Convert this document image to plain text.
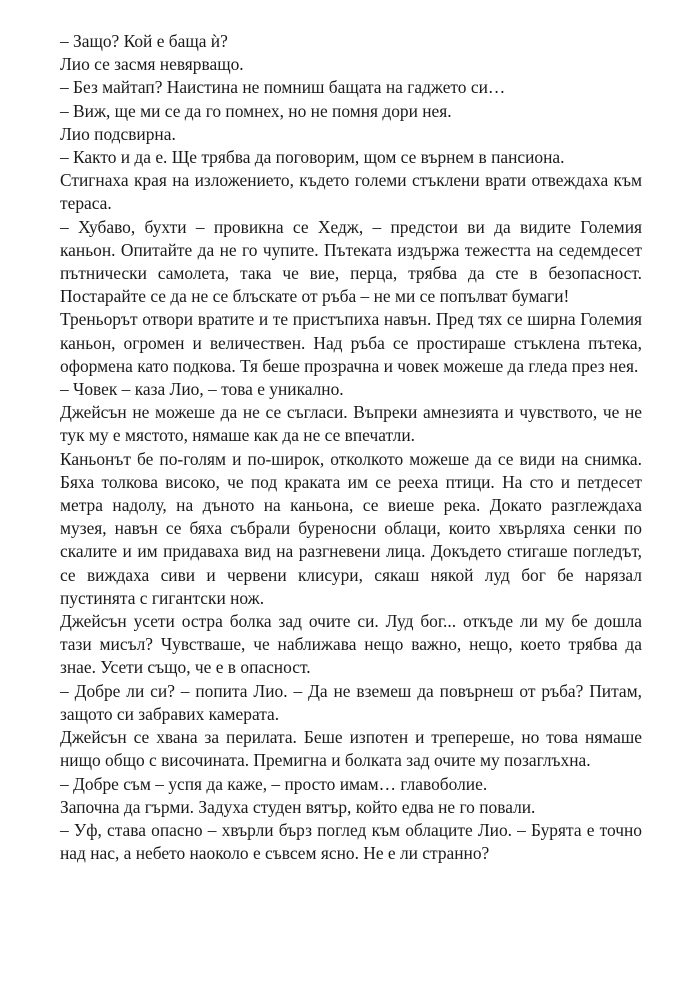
– Защо? Кой е баща ѝ?

Лио се засмя невярващо.

– Без майтап? Наистина не помниш бащата на гаджето си…

– Виж, ще ми се да го помнех, но не помня дори нея.

Лио подсвирна.

– Както и да е. Ще трябва да поговорим, щом се върнем в пансиона.

Стигнаха края на изложението, където големи стъклени врати отвеждаха към тераса.

– Хубаво, бухти – провикна се Хедж, – предстои ви да видите Големия каньон. Опитайте да не го чупите. Пътеката издържа тежестта на седемдесет пътнически самолета, така че вие, перца, трябва да сте в безопасност. Постарайте се да не се блъскате от ръба – не ми се попълват бумаги!

Треньорът отвори вратите и те пристъпиха навън. Пред тях се ширна Големия каньон, огромен и величествен. Над ръба се простираше стъклена пътека, оформена като подкова. Тя беше прозрачна и човек можеше да гледа през нея.

– Човек – каза Лио, – това е уникално.

Джейсън не можеше да не се съгласи. Въпреки амнезията и чувството, че не тук му е мястото, нямаше как да не се впечатли.

Каньонът бе по-голям и по-широк, отколкото можеше да се види на снимка. Бяха толкова високо, че под краката им се рееха птици. На сто и петдесет метра надолу, на дъното на каньона, се виеше река. Докато разглеждаха музея, навън се бяха събрали буреносни облаци, които хвърляха сенки по скалите и им придаваха вид на разгневени лица. Докъдето стигаше погледът, се виждаха сиви и червени клисури, сякаш някой луд бог бе нарязал пустинята с гигантски нож.

Джейсън усети остра болка зад очите си. Луд бог... откъде ли му бе дошла тази мисъл? Чувстваше, че наближава нещо важно, нещо, което трябва да знае. Усети също, че е в опасност.

– Добре ли си? – попита Лио. – Да не вземеш да повърнеш от ръба? Питам, защото си забравих камерата.

Джейсън се хвана за перилата. Беше изпотен и трепереше, но това нямаше нищо общо с височината. Премигна и болката зад очите му позаглъхна.

– Добре съм – успя да каже, – просто имам… главоболие.

Започна да гърми. Задуха студен вятър, който едва не го повали.

– Уф, става опасно – хвърли бърз поглед към облаците Лио. – Бурята е точно над нас, а небето наоколо е съвсем ясно. Не е ли странно?
